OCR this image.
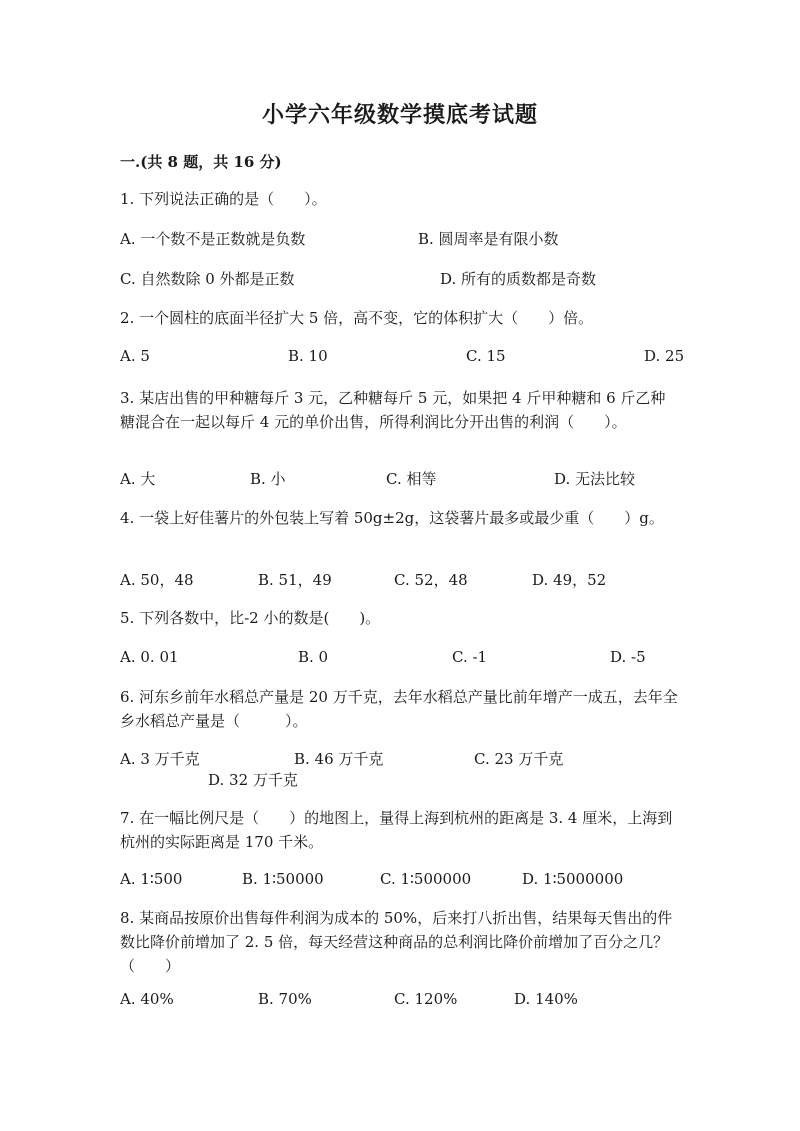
小学六年级数学摸底考试题
一.(共 8 题，共 16 分)
1. 下列说法正确的是（　　）。
A. 一个数不是正数就是负数	B. 圆周率是有限小数
C. 自然数除 0 外都是正数	D. 所有的质数都是奇数
2. 一个圆柱的底面半径扩大 5 倍，高不变，它的体积扩大（　　）倍。
A. 5	B. 10	C. 15	D. 25
3. 某店出售的甲种糖每斤 3 元，乙种糖每斤 5 元，如果把 4 斤甲种糖和 6 斤乙种糖混合在一起以每斤 4 元的单价出售，所得利润比分开出售的利润（　　）。
A. 大	B. 小	C. 相等	D. 无法比较
4. 一袋上好佳薯片的外包装上写着 50g±2g，这袋薯片最多或最少重（　　）g。
A. 50，48	B. 51，49	C. 52，48	D. 49，52
5. 下列各数中，比-2 小的数是(　　)。
A. 0. 01	B. 0	C. -1	D. -5
6. 河东乡前年水稻总产量是 20 万千克，去年水稻总产量比前年增产一成五，去年全乡水稻总产量是（　　　）。
A. 3 万千克	B. 46 万千克	C. 23 万千克
D. 32 万千克
7. 在一幅比例尺是（　　）的地图上，量得上海到杭州的距离是 3. 4 厘米，上海到杭州的实际距离是 170 千米。
A. 1∶500	B. 1∶50000	C. 1∶500000	D. 1∶5000000
8. 某商品按原价出售每件利润为成本的 50%，后来打八折出售，结果每天售出的件数比降价前增加了 2. 5 倍，每天经营这种商品的总利润比降价前增加了百分之几？（　　）
A. 40%	B. 70%	C. 120%	D. 140%
